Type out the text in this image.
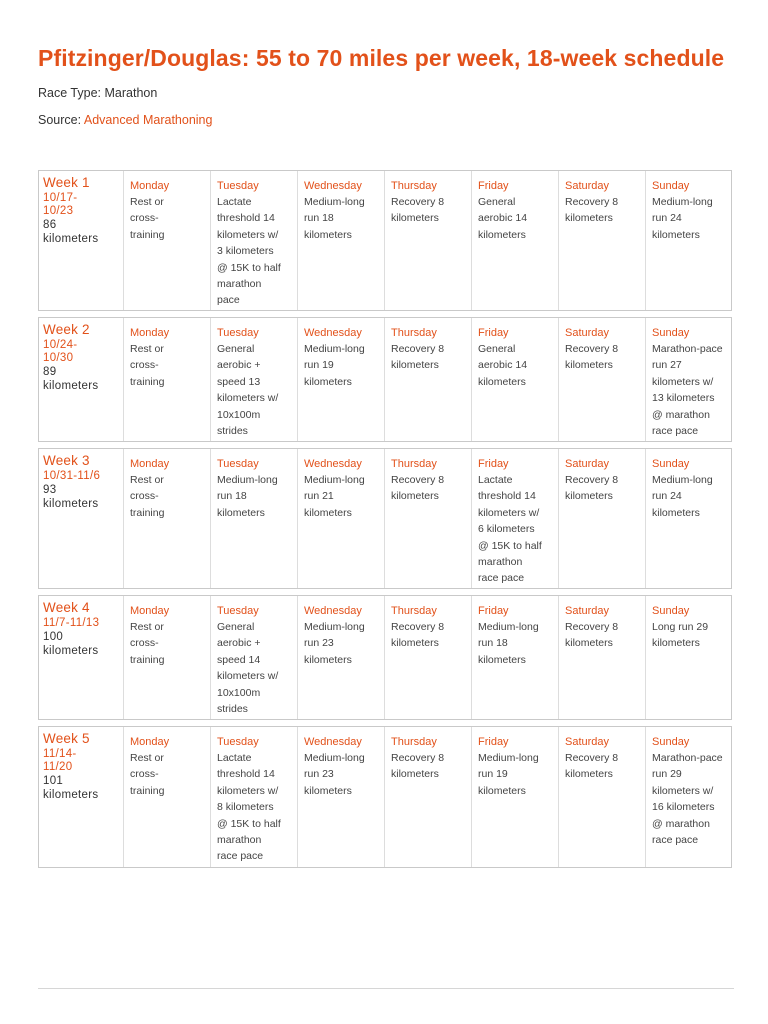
Pfitzinger/Douglas: 55 to 70 miles per week, 18-week schedule

Race Type: Marathon

Source: Advanced Marathoning

Week 1
10/17-
10/23
86
kilometers
Monday
Rest or
cross-
training
Tuesday
Lactate
threshold 14
kilometers w/
3 kilometers
@ 15K to half
marathon
pace
Wednesday
Medium-long
run 18
kilometers
Thursday
Recovery 8
kilometers
Friday
General
aerobic 14
kilometers
Saturday
Recovery 8
kilometers
Sunday
Medium-long
run 24
kilometers
Week 2
10/24-
10/30
89
kilometers
Monday
Rest or
cross-
training
Tuesday
General
aerobic +
speed 13
kilometers w/
10x100m
strides
Wednesday
Medium-long
run 19
kilometers
Thursday
Recovery 8
kilometers
Friday
General
aerobic 14
kilometers
Saturday
Recovery 8
kilometers
Sunday
Marathon-pace
run 27
kilometers w/
13 kilometers
@ marathon
race pace
Week 3
10/31-11/6
93
kilometers
Monday
Rest or
cross-
training
Tuesday
Medium-long
run 18
kilometers
Wednesday
Medium-long
run 21
kilometers
Thursday
Recovery 8
kilometers
Friday
Lactate
threshold 14
kilometers w/
6 kilometers
@ 15K to half
marathon
race pace
Saturday
Recovery 8
kilometers
Sunday
Medium-long
run 24
kilometers
Week 4
11/7-11/13
100
kilometers
Monday
Rest or
cross-
training
Tuesday
General
aerobic +
speed 14
kilometers w/
10x100m
strides
Wednesday
Medium-long
run 23
kilometers
Thursday
Recovery 8
kilometers
Friday
Medium-long
run 18
kilometers
Saturday
Recovery 8
kilometers
Sunday
Long run 29
kilometers
Week 5
11/14-
11/20
101
kilometers
Monday
Rest or
cross-
training
Tuesday
Lactate
threshold 14
kilometers w/
8 kilometers
@ 15K to half
marathon
race pace
Wednesday
Medium-long
run 23
kilometers
Thursday
Recovery 8
kilometers
Friday
Medium-long
run 19
kilometers
Saturday
Recovery 8
kilometers
Sunday
Marathon-pace
run 29
kilometers w/
16 kilometers
@ marathon
race pace
